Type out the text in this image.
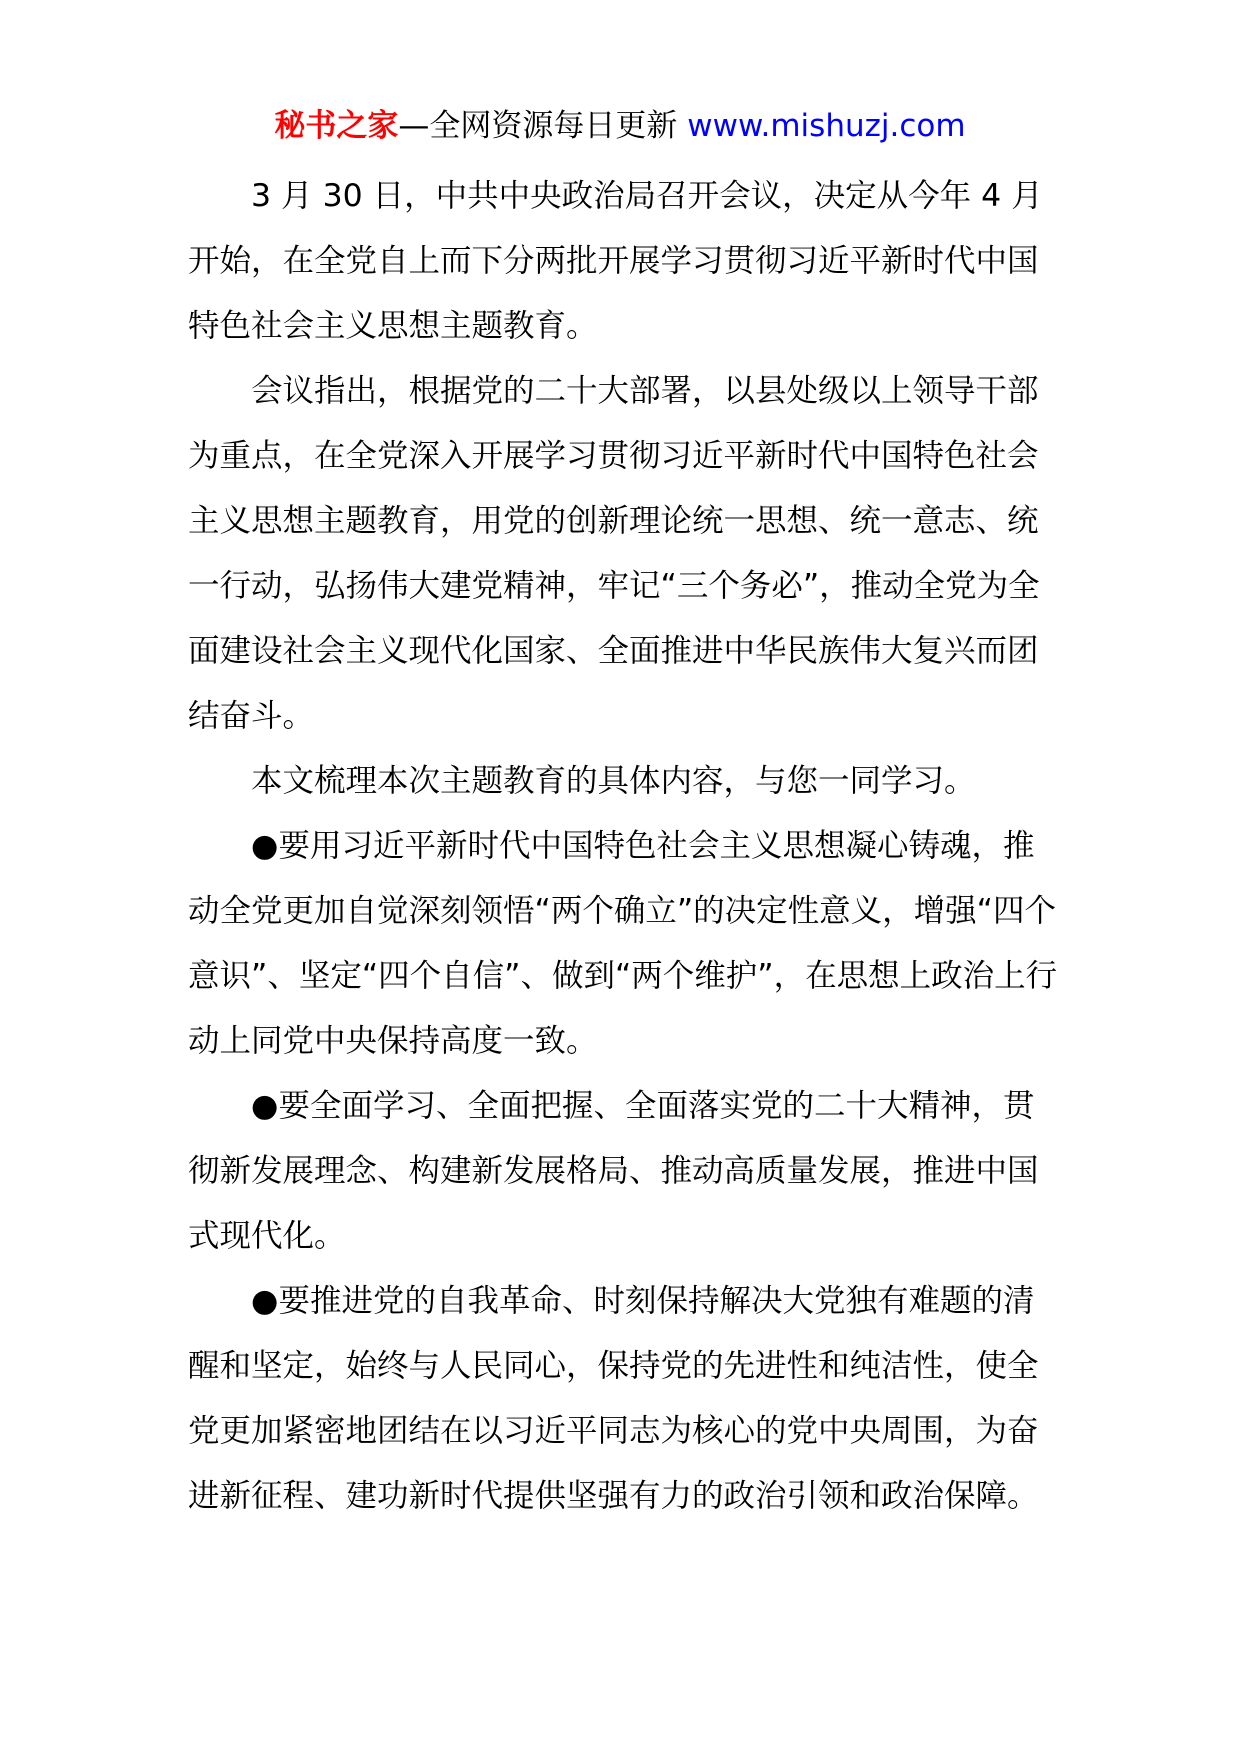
秘书之家—全网资源每日更新 www.mishuzj.com

3 月 30 日，中共中央政治局召开会议，决定从今年 4 月开始，在全党自上而下分两批开展学习贯彻习近平新时代中国特色社会主义思想主题教育。

会议指出，根据党的二十大部署，以县处级以上领导干部为重点，在全党深入开展学习贯彻习近平新时代中国特色社会主义思想主题教育，用党的创新理论统一思想、统一意志、统一行动，弘扬伟大建党精神，牢记“三个务必”，推动全党为全面建设社会主义现代化国家、全面推进中华民族伟大复兴而团结奋斗。

本文梳理本次主题教育的具体内容，与您一同学习。

●要用习近平新时代中国特色社会主义思想凝心铸魂，推动全党更加自觉深刻领悟“两个确立”的决定性意义，增强“四个意识”、坚定“四个自信”、做到“两个维护”，在思想上政治上行动上同党中央保持高度一致。

●要全面学习、全面把握、全面落实党的二十大精神，贯彻新发展理念、构建新发展格局、推动高质量发展，推进中国式现代化。

●要推进党的自我革命、时刻保持解决大党独有难题的清醒和坚定，始终与人民同心，保持党的先进性和纯洁性，使全党更加紧密地团结在以习近平同志为核心的党中央周围，为奋进新征程、建功新时代提供坚强有力的政治引领和政治保障。
